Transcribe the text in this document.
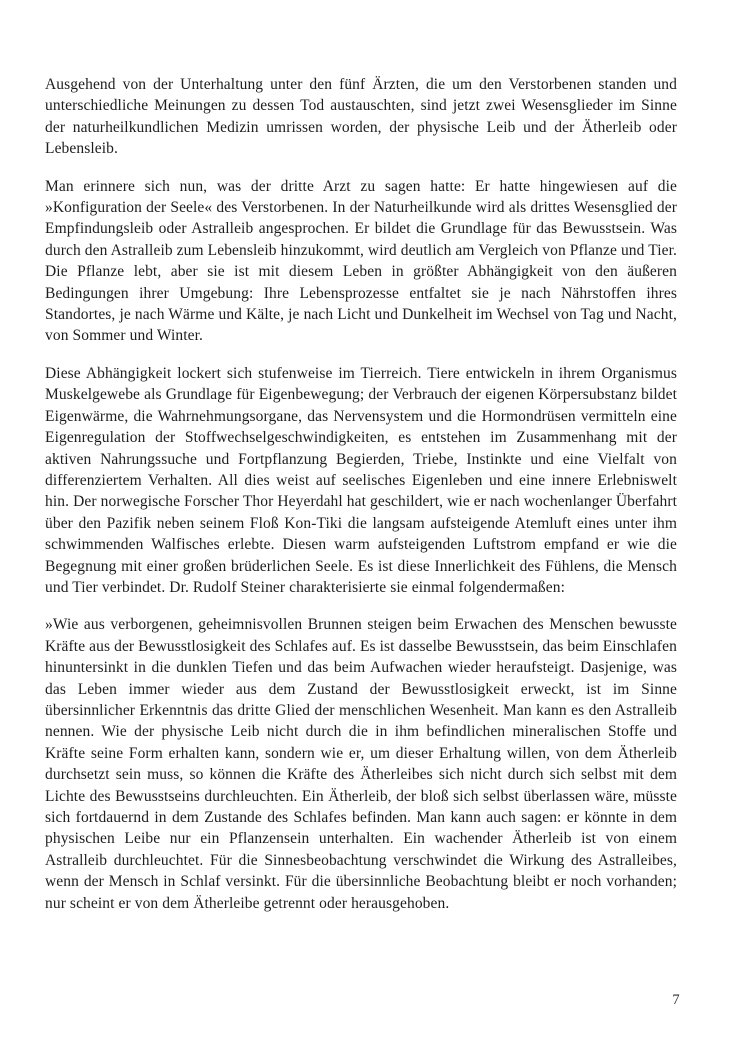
Ausgehend von der Unterhaltung unter den fünf Ärzten, die um den Verstorbenen standen und unterschiedliche Meinungen zu dessen Tod austauschten, sind jetzt zwei Wesensglieder im Sinne der naturheilkundlichen Medizin umrissen worden, der physische Leib und der Ätherleib oder Lebensleib.

Man erinnere sich nun, was der dritte Arzt zu sagen hatte: Er hatte hingewiesen auf die »Konfiguration der Seele« des Verstorbenen. In der Naturheilkunde wird als drittes Wesensglied der Empfindungsleib oder Astralleib angesprochen. Er bildet die Grundlage für das Bewusstsein. Was durch den Astralleib zum Lebensleib hinzukommt, wird deutlich am Vergleich von Pflanze und Tier. Die Pflanze lebt, aber sie ist mit diesem Leben in größter Abhängigkeit von den äußeren Bedingungen ihrer Umgebung: Ihre Lebensprozesse entfaltet sie je nach Nährstoffen ihres Standortes, je nach Wärme und Kälte, je nach Licht und Dunkelheit im Wechsel von Tag und Nacht, von Sommer und Winter.

Diese Abhängigkeit lockert sich stufenweise im Tierreich. Tiere entwickeln in ihrem Organismus Muskelgewebe als Grundlage für Eigenbewegung; der Verbrauch der eigenen Körpersubstanz bildet Eigenwärme, die Wahrnehmungsorgane, das Nervensystem und die Hormondrüsen vermitteln eine Eigenregulation der Stoffwechselgeschwindigkeiten, es entstehen im Zusammenhang mit der aktiven Nahrungssuche und Fortpflanzung Begierden, Triebe, Instinkte und eine Vielfalt von differenziertem Verhalten. All dies weist auf seelisches Eigenleben und eine innere Erlebniswelt hin. Der norwegische Forscher Thor Heyerdahl hat geschildert, wie er nach wochenlanger Überfahrt über den Pazifik neben seinem Floß Kon-Tiki die langsam aufsteigende Atemluft eines unter ihm schwimmenden Walfisches erlebte. Diesen warm aufsteigenden Luftstrom empfand er wie die Begegnung mit einer großen brüderlichen Seele. Es ist diese Innerlichkeit des Fühlens, die Mensch und Tier verbindet. Dr. Rudolf Steiner charakterisierte sie einmal folgendermaßen:

»Wie aus verborgenen, geheimnisvollen Brunnen steigen beim Erwachen des Menschen bewusste Kräfte aus der Bewusstlosigkeit des Schlafes auf. Es ist dasselbe Bewusstsein, das beim Einschlafen hinuntersinkt in die dunklen Tiefen und das beim Aufwachen wieder heraufsteigt. Dasjenige, was das Leben immer wieder aus dem Zustand der Bewusstlosigkeit erweckt, ist im Sinne übersinnlicher Erkenntnis das dritte Glied der menschlichen Wesenheit. Man kann es den Astralleib nennen. Wie der physische Leib nicht durch die in ihm befindlichen mineralischen Stoffe und Kräfte seine Form erhalten kann, sondern wie er, um dieser Erhaltung willen, von dem Ätherleib durchsetzt sein muss, so können die Kräfte des Ätherleibes sich nicht durch sich selbst mit dem Lichte des Bewusstseins durchleuchten. Ein Ätherleib, der bloß sich selbst überlassen wäre, müsste sich fortdauernd in dem Zustande des Schlafes befinden. Man kann auch sagen: er könnte in dem physischen Leibe nur ein Pflanzensein unterhalten. Ein wachender Ätherleib ist von einem Astralleib durchleuchtet. Für die Sinnesbeobachtung verschwindet die Wirkung des Astralleibes, wenn der Mensch in Schlaf versinkt. Für die übersinnliche Beobachtung bleibt er noch vorhanden; nur scheint er von dem Ätherleibe getrennt oder herausgehoben.

7
